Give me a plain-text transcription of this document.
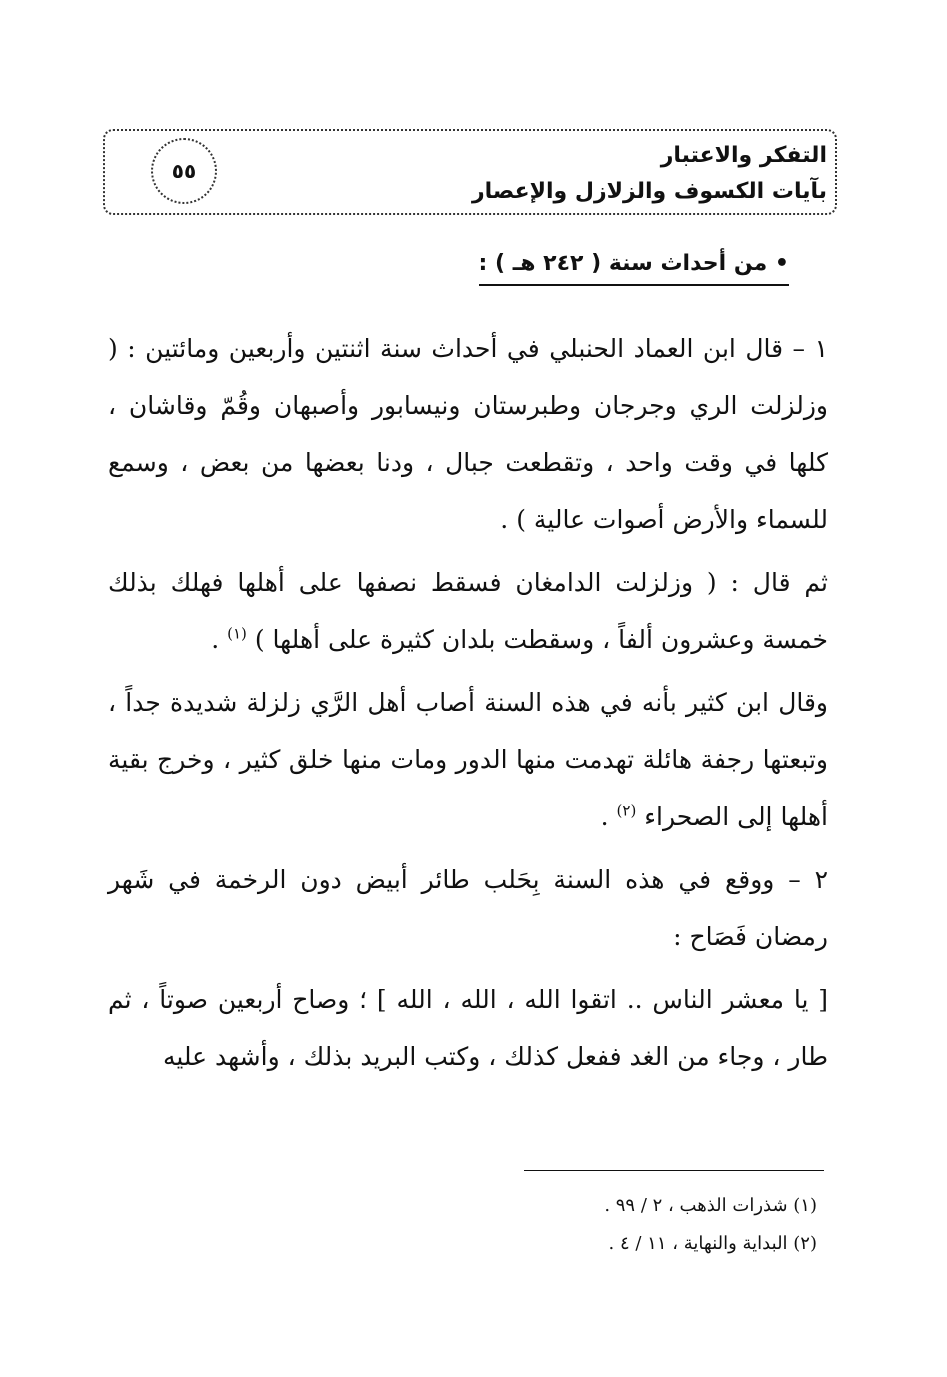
٥٥
التفكر والاعتبار
بآيات الكسوف والزلازل والإعصار
• من أحداث سنة ( ٢٤٢ هـ ) :

١ – قال ابن العماد الحنبلي في أحداث سنة اثنتين وأربعين ومائتين : ( وزلزلت الري وجرجان وطبرستان ونيسابور وأصبهان وقُمّ وقاشان ، كلها في وقت واحد ، وتقطعت جبال ، ودنا بعضها من بعض ، وسمع للسماء والأرض أصوات عالية ) .

ثم قال : ( وزلزلت الدامغان فسقط نصفها على أهلها فهلك بذلك خمسة وعشرون ألفاً ، وسقطت بلدان كثيرة على أهلها ) $^{(١)}$ .

وقال ابن كثير بأنه في هذه السنة أصاب أهل الرَّي زلزلة شديدة جداً ، وتبعتها رجفة هائلة تهدمت منها الدور ومات منها خلق كثير ، وخرج بقية أهلها إلى الصحراء $^{(٢)}$ .

٢ – ووقع في هذه السنة بِحَلب طائر أبيض دون الرخمة في شَهر رمضان فَصَاح :

[ يا معشر الناس .. اتقوا الله ، الله ، الله ] ؛ وصاح أربعين صوتاً ، ثم طار ، وجاء من الغد ففعل كذلك ، وكتب البريد بذلك ، وأشهد عليه

(١) شذرات الذهب ، ٢ / ٩٩ .
(٢) البداية والنهاية ، ١١ / ٤ .
